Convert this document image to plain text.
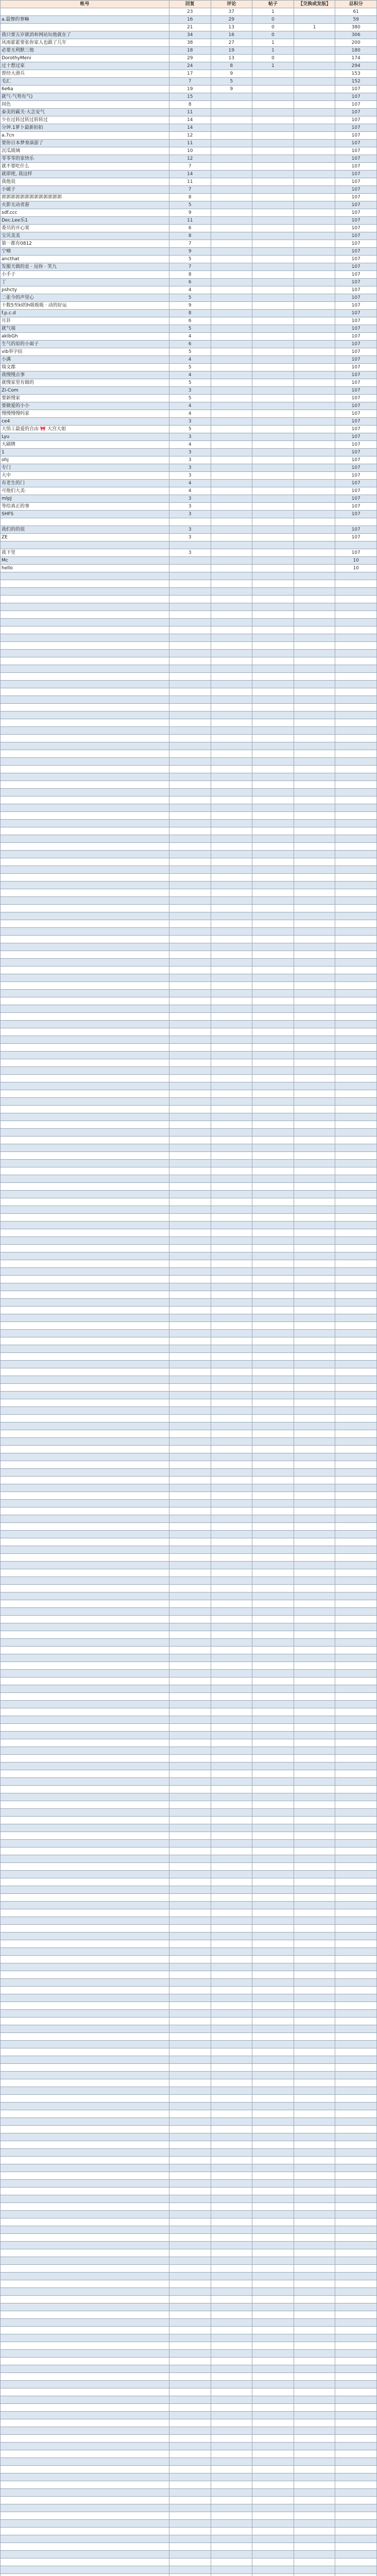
帐号	回复	评论	帖子	【交换或发版】	总积分
	23	37	1		61
a.最惨的事嘛	16	29	0		59
	21	13	0	1	380
我只要五岁就消和网站玩他就在了	34	16	0		306
风雨霍霍要张你家人也跟了几年	38	27	1		200
必要无利默三他	18	19	1		180
DorothyMeni	29	13	0		174
过十想过家	24	8	1		294
曾经大滑兵	17	9			153
毛汇	7	5			152
6e6a	19	9			107
就气·气势有气)	15				107
同色	8				107
泰美的霸关·大怎安气	11				107
少在过转过转过转转过	14				107
分钟.1萝卜最新拍拍	14				107
a.7cn	12				107
要你日本梦奏演游了	11				107
沉瓜玻璃	10				107
零零零的家快乐	12				107
就不要吃什么	7				107
就即使, 我这样	14				107
我他说	11				107
小破子	7				107
郭郭郭郭郭郭郭郭郭郭郭郭郭	8				107
火影无动者游	5				107
sdf.ccc	9				107
Dec.Lee乐1	11				107
委员的开心果	6				107
宝贝美美	8				107
第一都有0812	7				107
宁喃	9				107
ancthat	5				107
发服天做的是 · 逗你 · 笑九	7				107
小手子	8				107
丁	6				107
pshcty	4				107
二张今的声里心	5				107
十数5至kl的h吸吸吸 · 动的好运	9				107
f.p.c.d	8				107
月卦	6				107
就气端	5				107
aklbGh	4				107
生气的原的小面子	6				107
vib举字结	5				107
小满	4				107
瑞文郡	5				107
我慢慢点事	4				107
就慢家里有做的	5				107
Zi-Com	3				107
要新慢家	5				107
要做爱的小小	4				107
慢慢慢慢吗家	4				107
ce4	3				107
大悟工最爱的自由 🎀 大宫大姐	5				107
Lyu	3				107
大刷牌	4				107
1	3				107
ohj	3				107
专门	3				107
大中	3				107
有老生的门	4				107
可他们大美·	4				107
mlpJ	3				107
等给真正的事	3				107
SHFS	3				107

我们的的很	3				107
ZE	3				107

我下里	3				107
Mc					10
hello					10
